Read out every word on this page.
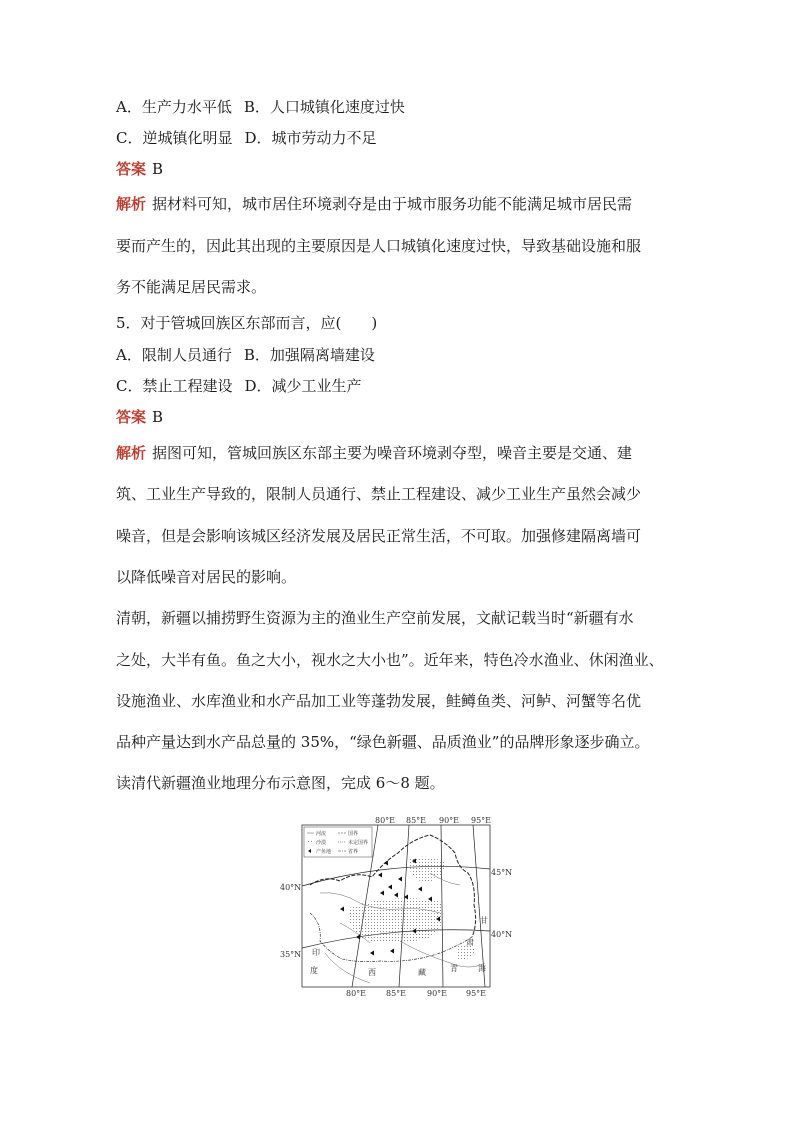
A．生产力水平低 B．人口城镇化速度过快
C．逆城镇化明显 D．城市劳动力不足
答案 B
解析 据材料可知，城市居住环境剥夺是由于城市服务功能不能满足城市居民需
要而产生的，因此其出现的主要原因是人口城镇化速度过快，导致基础设施和服
务不能满足居民需求。
5．对于管城回族区东部而言，应(　　)
A．限制人员通行 B．加强隔离墙建设
C．禁止工程建设 D．减少工业生产
答案 B
解析 据图可知，管城回族区东部主要为噪音环境剥夺型，噪音主要是交通、建
筑、工业生产导致的，限制人员通行、禁止工程建设、减少工业生产虽然会减少
噪音，但是会影响该城区经济发展及居民正常生活，不可取。加强修建隔离墙可
以降低噪音对居民的影响。
清朝，新疆以捕捞野生资源为主的渔业生产空前发展，文献记载当时“新疆有水
之处，大半有鱼。鱼之大小，视水之大小也”。近年来，特色冷水渔业、休闲渔业、
设施渔业、水库渔业和水产品加工业等蓬勃发展，鲑鳟鱼类、河鲈、河蟹等名优
品种产量达到水产品总量的 35%，“绿色新疆、品质渔业”的品牌形象逐步确立。
读清代新疆渔业地理分布示意图，完成 6～8 题。
河流	国界
沙漠	未定国界
产鱼地	省界
80°E 85°E 90°E 95°E
80°E 85°E	90°E 95°E
40°N
35°N
45°N
40°N
印
度	西	藏
甘
肃
青	海
